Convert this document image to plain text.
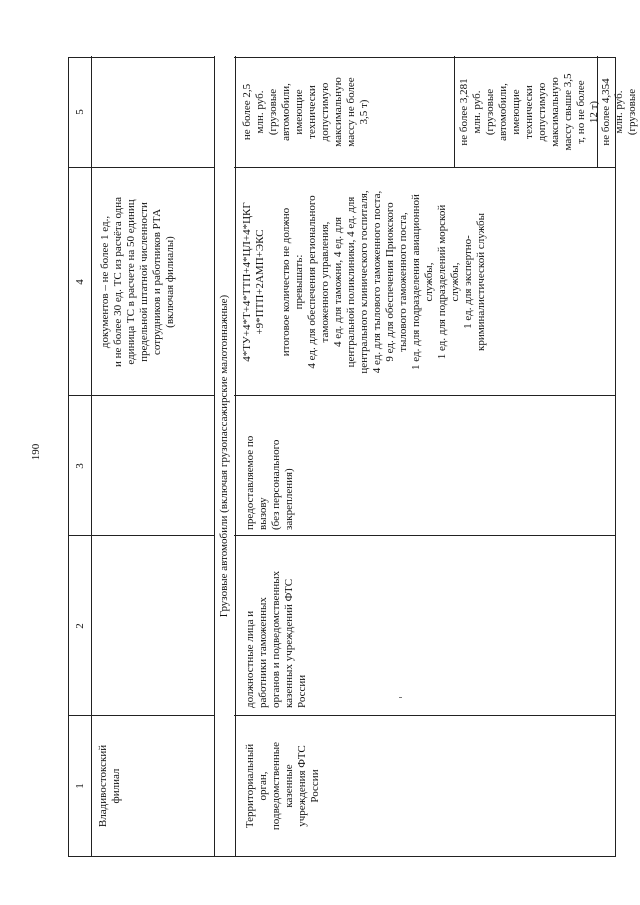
190
1
2
3
4
5
Владивостокский
филиал
документов – не более 1 ед.,
и не более 30 ед. ТС из расчёта одна
единица ТС в расчете на 50 единиц
предельной штатной численности
сотрудников и работников РТА
(включая филиалы)
Грузовые автомобили (включая грузопассажирские малотоннажные)
Территориальный
орган,
подведомственные
казенные
учреждения ФТС
России
должностные лица и
работники таможенных
органов и подведомственных
казенных учреждений ФТС
России
предоставляемое по
вызову
(без персонального
закрепления)
4*ТУ+4*Т+4*ТТП+4*ЦЛ+4*ЦКГ
+9*ПТП+2АМП+ЭКС

итоговое количество не должно
превышать:
4 ед. для обеспечения регионального
таможенного управления,
4 ед. для таможни, 4 ед. для
центральной поликлиники, 4 ед. для
центрального клинического госпиталя,
4 ед. для тылового таможенного поста,
9 ед. для обеспечения Приокского
тылового таможенного поста,
1 ед. для подразделения авиационной
службы,
1 ед. для подразделений морской
службы,
1 ед. для экспертно-
криминалистической службы
не более 2,5
млн. руб.
(грузовые
автомобили,
имеющие
технически
допустимую
максимальную
массу не более
3,5 т)
не более 3,281
млн. руб.
(грузовые
автомобили,
имеющие
технически
допустимую
максимальную
массу свыше 3,5
т, но не более
12 т)
не более 4,354
млн. руб.
(грузовые
